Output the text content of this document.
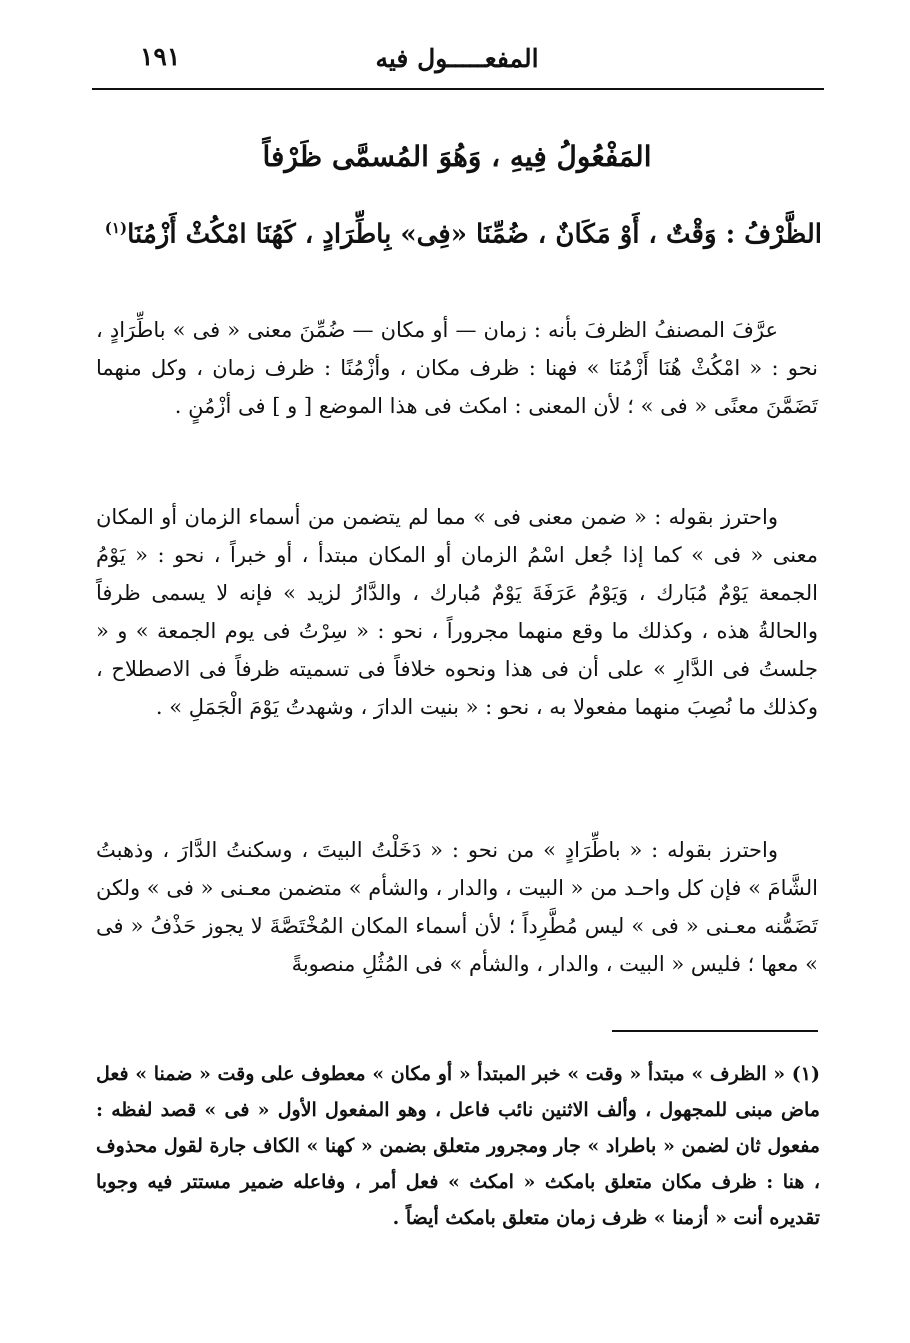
المفعـــــول فيه
١٩١
المَفْعُولُ فِيهِ ، وَهُوَ المُسمَّى ظَرْفاً
الظَّرْفُ : وَقْتٌ ، أَوْ مَكَانٌ ، ضُمِّنَا «فِى» بِاطِّرَادٍ ، كَهُنَا امْكُثْ أَزْمُنَا$^{(١)}$

عرَّفَ المصنفُ الظرفَ بأنه : زمان — أو مكان — ضُمِّنَ معنى « فى » باطِّرَادٍ ، نحو : « امْكُثْ هُنَا أَزْمُنَا » فهنا : ظرف مكان ، وأزْمُنًا : ظرف زمان ، وكل منهما تَضَمَّنَ معنًى « فى » ؛ لأن المعنى : امكث فى هذا الموضع [ و ] فى أزْمُنٍ .

واحترز بقوله : « ضمن معنى فى » مما لم يتضمن من أسماء الزمان أو المكان معنى « فى » كما إذا جُعل اسْمُ الزمان أو المكان مبتدأ ، أو خبراً ، نحو : « يَوْمُ الجمعة يَوْمٌ مُبَارك ، وَيَوْمُ عَرَفَةَ يَوْمٌ مُبارك ، والدَّارُ لزيد » فإنه لا يسمى ظرفاً والحالةُ هذه ، وكذلك ما وقع منهما مجروراً ، نحو : « سِرْتُ فى يوم الجمعة » و « جلستُ فى الدَّارِ » على أن فى هذا ونحوه خلافاً فى تسميته ظرفاً فى الاصطلاح ، وكذلك ما نُصِبَ منهما مفعولا به ، نحو : « بنيت الدارَ ، وشهدتُ يَوْمَ الْجَمَلِ » .

واحترز بقوله : « باطِّرَادٍ » من نحو : « دَخَلْتُ البيتَ ، وسكنتُ الدَّارَ ، وذهبتُ الشَّامَ » فإن كل واحـد من « البيت ، والدار ، والشأم » متضمن معـنى « فى » ولكن تَضَمُّنه معـنى « فى » ليس مُطَّرِداً ؛ لأن أسماء المكان المُخْتَصَّةَ لا يجوز حَذْفُ « فى » معها ؛ فليس « البيت ، والدار ، والشأم » فى المُثُلِ منصوبةً

(١) « الظرف » مبتدأ « وقت » خبر المبتدأ « أو مكان » معطوف على وقت « ضمنا » فعل ماض مبنى للمجهول ، وألف الاثنين نائب فاعل ، وهو المفعول الأول « فى » قصد لفظه : مفعول ثان لضمن « باطراد » جار ومجرور متعلق بضمن « كهنا » الكاف جارة لقول محذوف ، هنا : ظرف مكان متعلق بامكث « امكث » فعل أمر ، وفاعله ضمير مستتر فيه وجوبا تقديره أنت « أزمنا » ظرف زمان متعلق بامكث أيضاً .
